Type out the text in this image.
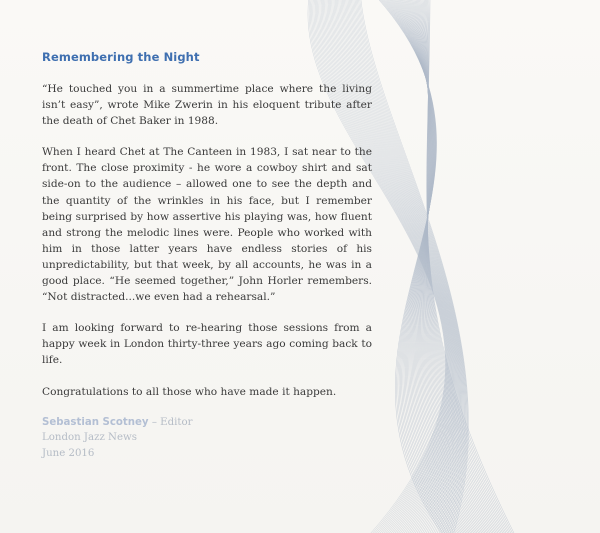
Remembering the Night

“He touched you in a summertime place where the living isn’t easy”, wrote Mike Zwerin in his eloquent tribute after the death of Chet Baker in 1988.

When I heard Chet at The Canteen in 1983, I sat near to the front. The close proximity - he wore a cowboy shirt and sat side-on to the audience – allowed one to see the depth and the quantity of the wrinkles in his face, but I remember being surprised by how assertive his playing was, how fluent and strong the melodic lines were. People who worked with him in those latter years have endless stories of his unpredictability, but that week, by all accounts, he was in a good place. “He seemed together,” John Horler remembers. “Not distracted...we even had a rehearsal.”

I am looking forward to re-hearing those sessions from a happy week in London thirty-three years ago coming back to life.

Congratulations to all those who have made it happen.

Sebastian Scotney – Editor
London Jazz News
June 2016
